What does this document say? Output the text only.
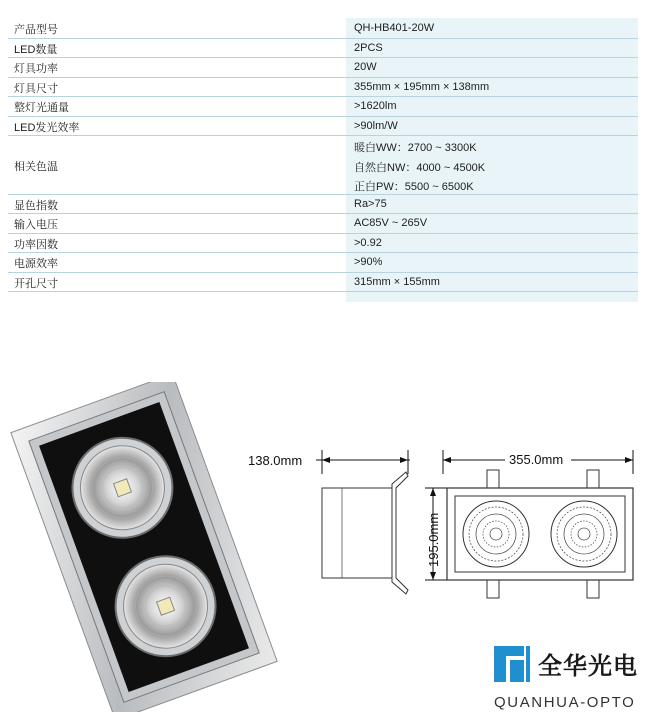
产品型号	QH-HB401-20W
LED数量	2PCS
灯具功率	20W
灯具尺寸	355mm × 195mm × 138mm
整灯光通量	>1620lm
LED发光效率	>90lm/W
相关色温
暖白WW：2700 ~ 3300K
自然白NW：4000 ~ 4500K
正白PW：5500 ~ 6500K
显色指数	Ra>75
输入电压	AC85V ~ 265V
功率因数	>0.92
电源效率	>90%
开孔尺寸	315mm × 155mm
138.0mm	355.0mm
195.0mm
全华光电
QUANHUA-OPTO
